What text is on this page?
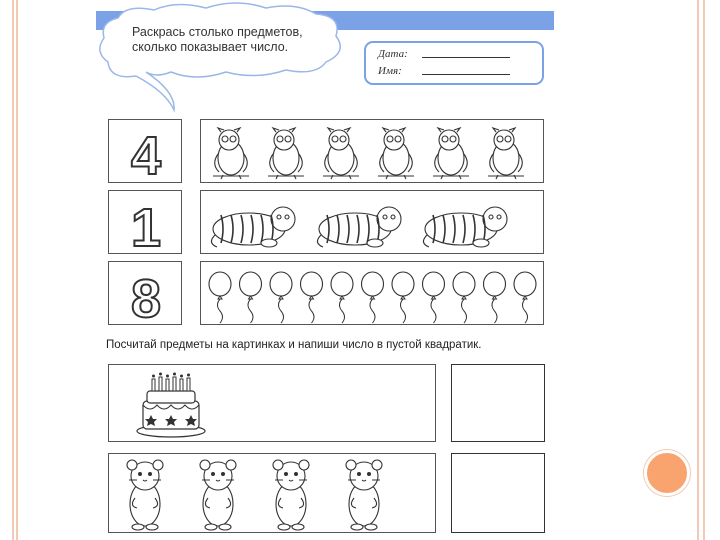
Раскрась столько предметов, сколько показывает число.	Дата:
Имя:
4
1
8
Посчитай предметы на картинках и напиши число в пустой квадратик.
